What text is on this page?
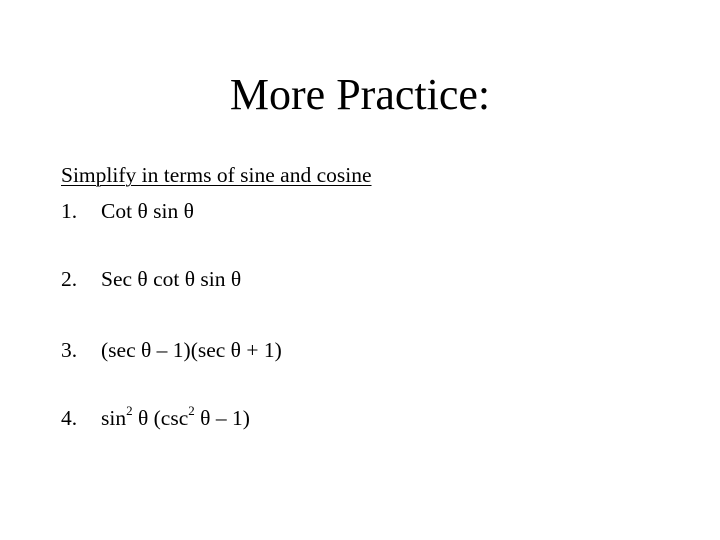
More Practice:
Simplify in terms of sine and cosine
1. Cot θ sin θ
2. Sec θ cot θ sin θ
3. (sec θ – 1)(sec θ + 1)
4. $\sin^2 \theta$ ($\csc^2$ θ – 1)
